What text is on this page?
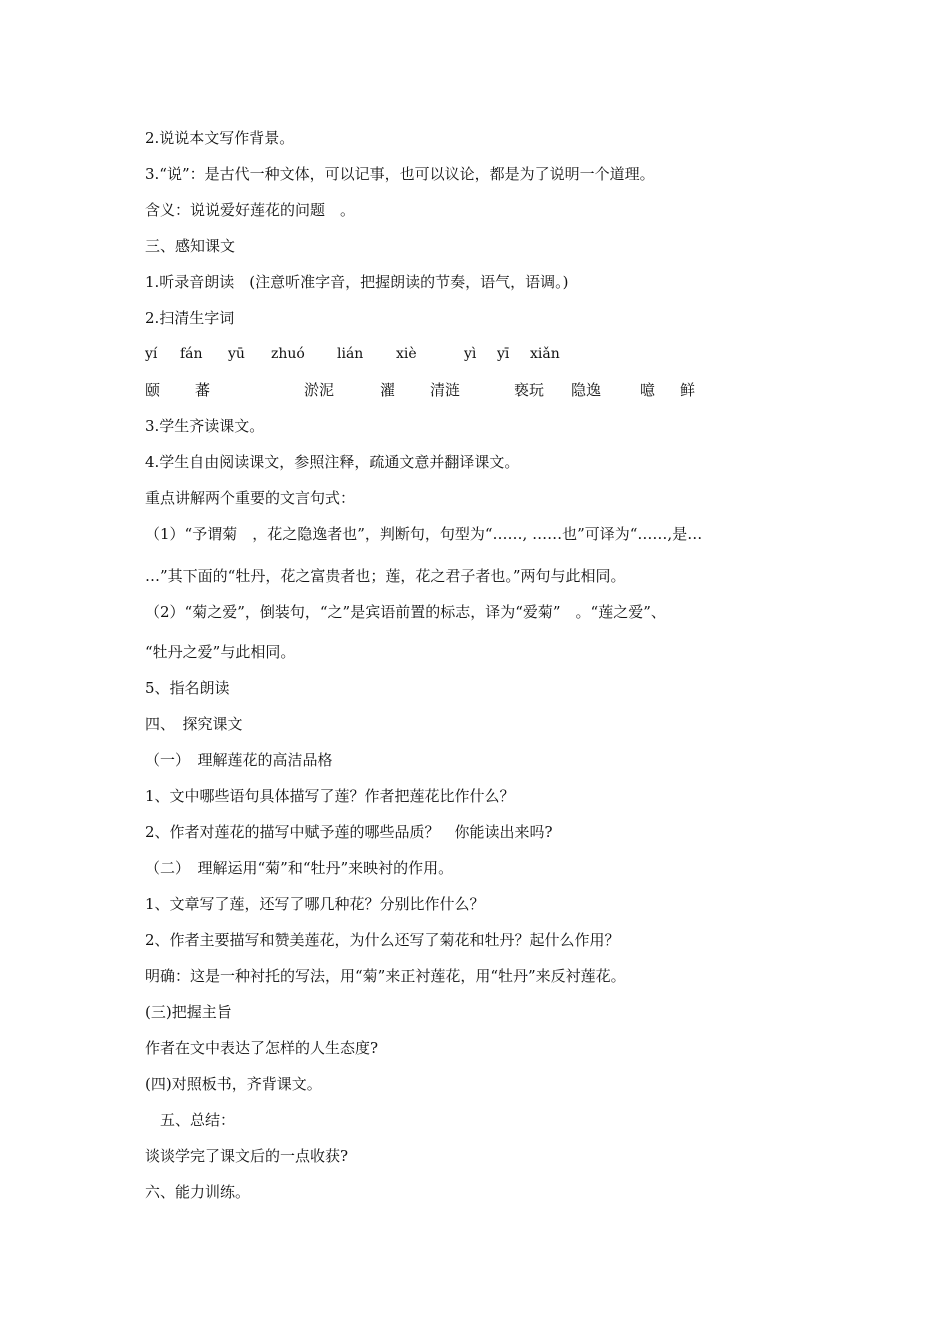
2.说说本文写作背景。
3.“说”：是古代一种文体，可以记事，也可以议论，都是为了说明一个道理。
含义：说说爱好莲花的问题　。
三、感知课文
1.听录音朗读　(注意听准字音，把握朗读的节奏，语气，语调。)
2.扫清生字词
yí fán yū zhuó lián xiè	yì yī xiǎn
颐 蕃	淤泥	濯 清涟	亵玩 隐逸	噫 鲜
3.学生齐读课文。
4.学生自由阅读课文，参照注释，疏通文意并翻译课文。
重点讲解两个重要的文言句式：
（1）“予谓菊　，花之隐逸者也”，判断句，句型为“……, ……也”可译为“……,是…
…”其下面的“牡丹，花之富贵者也；莲，花之君子者也。”两句与此相同。
（2）“菊之爱”，倒装句，“之”是宾语前置的标志，译为“爱菊”　。“莲之爱”、
“牡丹之爱”与此相同。
5、指名朗读
四、　探究课文
（一）　理解莲花的高洁品格
1、文中哪些语句具体描写了莲？作者把莲花比作什么？
2、作者对莲花的描写中赋予莲的哪些品质？　你能读出来吗?
（二）　理解运用“菊”和“牡丹”来映衬的作用。
1、文章写了莲，还写了哪几种花？分别比作什么？
2、作者主要描写和赞美莲花，为什么还写了菊花和牡丹？起什么作用？
明确：这是一种衬托的写法，用“菊”来正衬莲花，用“牡丹”来反衬莲花。
(三)把握主旨
作者在文中表达了怎样的人生态度?
(四)对照板书，齐背课文。
五、总结：
谈谈学完了课文后的一点收获?
六、能力训练。
